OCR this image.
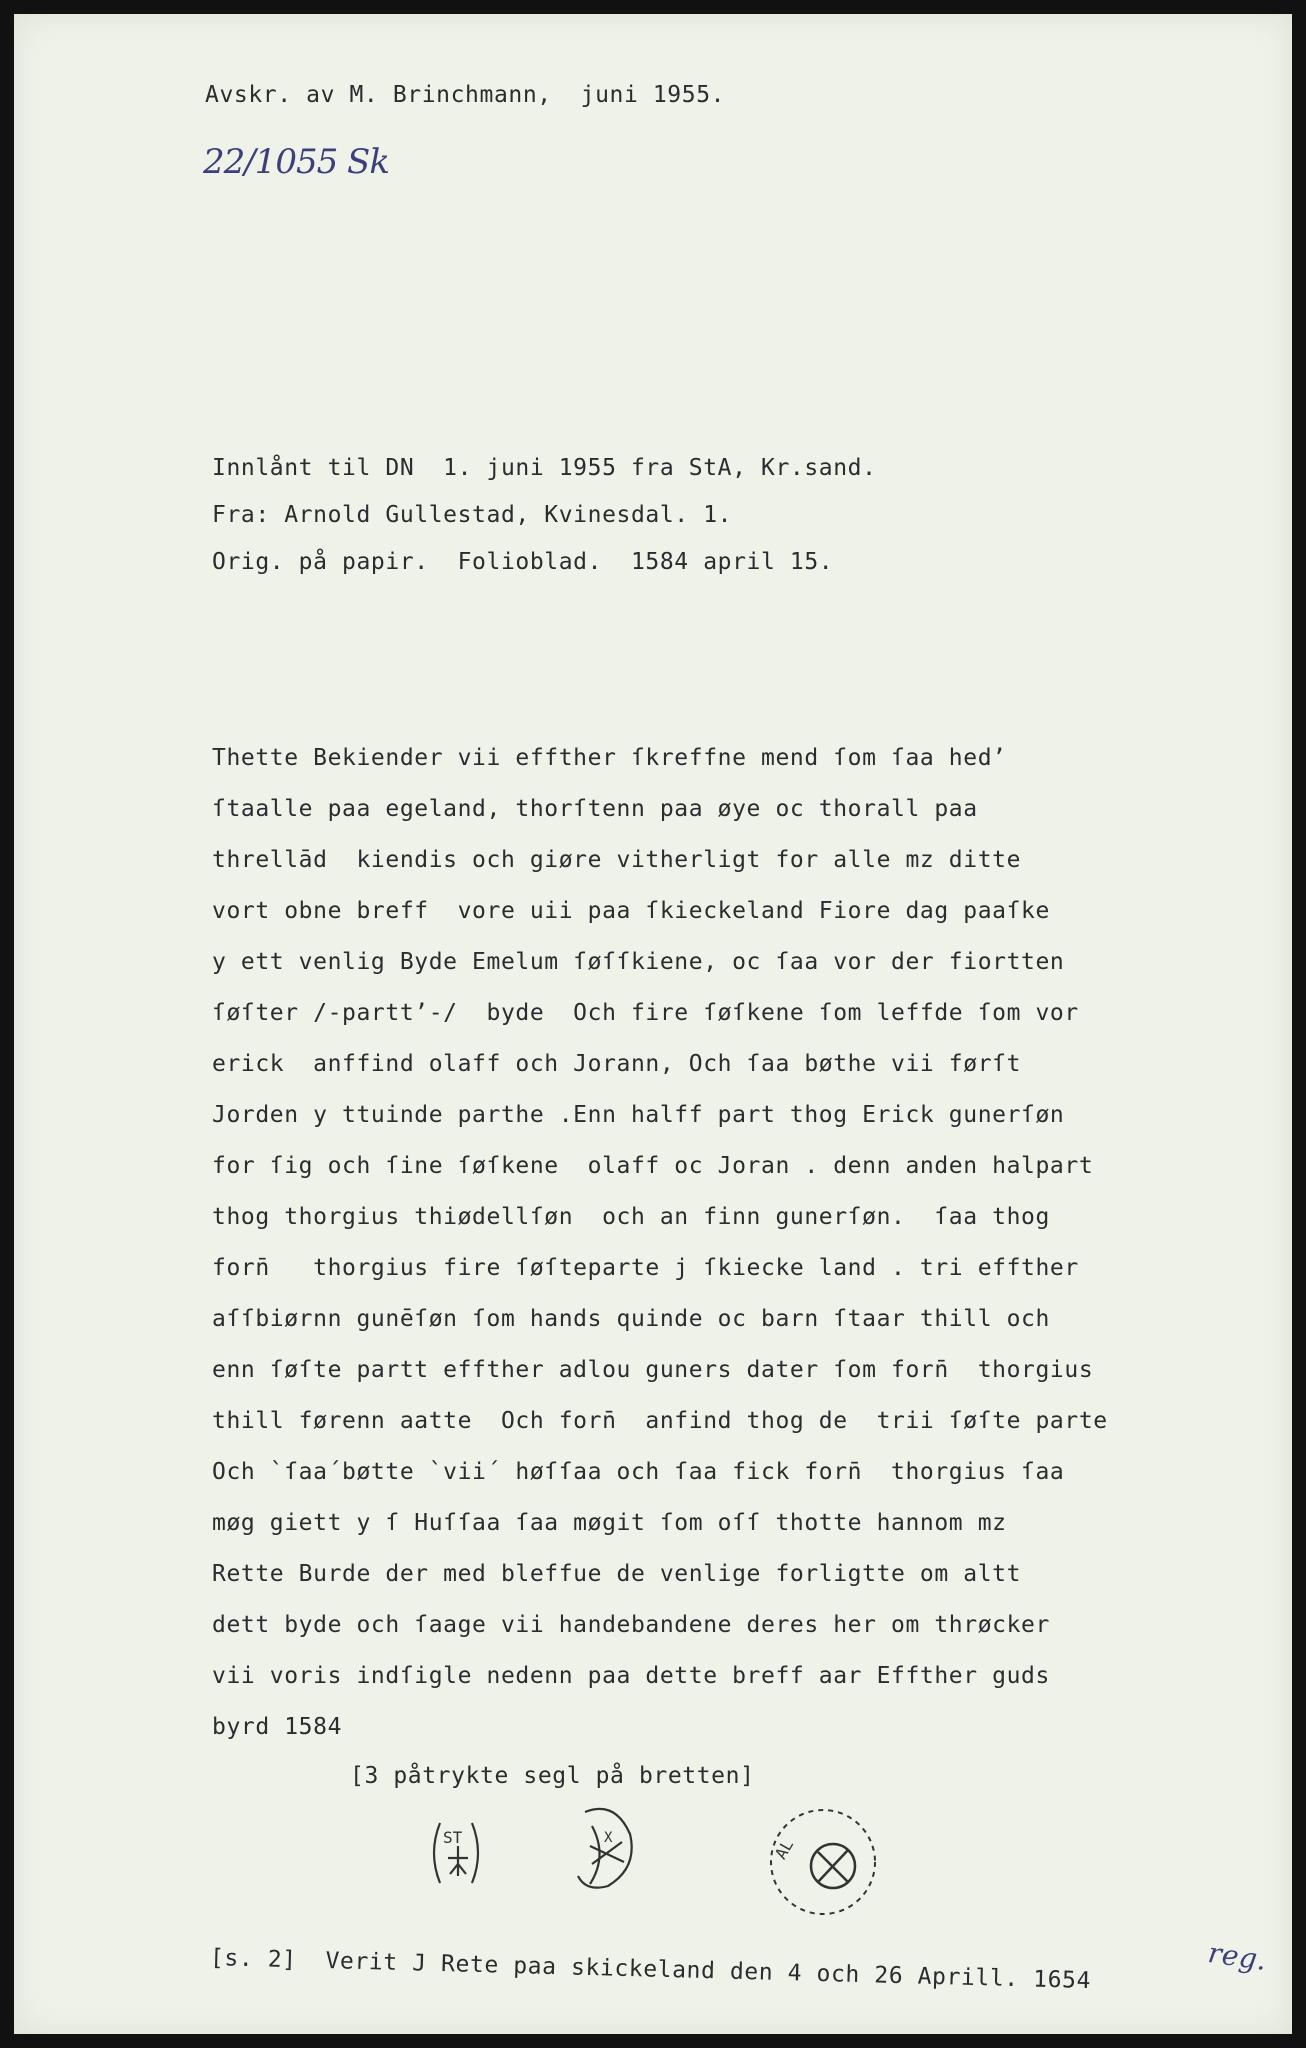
Avskr. av M. Brinchmann,  juni 1955.
22/1055 Sk
Innlånt til DN  1. juni 1955 fra StA, Kr.sand.
Fra: Arnold Gullestad, Kvinesdal. 1.
Orig. på papir.  Folioblad.  1584 april 15.
Thette Bekiender vii effther ſkreffne mend ſom ſaa hed’
ſtaalle paa egeland, thorſtenn paa øye oc thorall paa
threllād  kiendis och giøre vitherligt for alle mz ditte
vort obne breff  vore uii paa ſkieckeland Fiore dag paaſke
y ett venlig Byde Emelum ſøſſkiene, oc ſaa vor der fiortten
ſøſter /-partt’-/  byde  Och fire ſøſkene ſom leffde ſom vor
erick  anffind olaff och Jorann, Och ſaa bøthe vii førſt
Jorden y ttuinde parthe .Enn halff part thog Erick gunerſøn
for ſig och ſine ſøſkene  olaff oc Joran . denn anden halpart
thog thorgius thiødellſøn  och an finn gunerſøn.  ſaa thog
forn̄   thorgius fire ſøſteparte j ſkiecke land . tri effther
aſſbiørnn gunēſøn ſom hands quinde oc barn ſtaar thill och
enn ſøſte partt effther adlou guners dater ſom forn̄  thorgius
thill førenn aatte  Och forn̄  anfind thog de  trii ſøſte parte
Och `ſaa´bøtte `vii´ høſſaa och ſaa fick forn̄  thorgius ſaa
møg giett y ſ Huſſaa ſaa møgit ſom oſſ thotte hannom mz
Rette Burde der med bleffue de venlige forligtte om altt
dett byde och ſaage vii handebandene deres her om thrøcker
vii voris indſigle nedenn paa dette breff aar Effther guds
byrd 1584
[3 påtrykte segl på bretten]
[s. 2]  Verit J Rete paa skickeland den 4 och 26 Aprill. 1654	reg.
ST	X	AL
